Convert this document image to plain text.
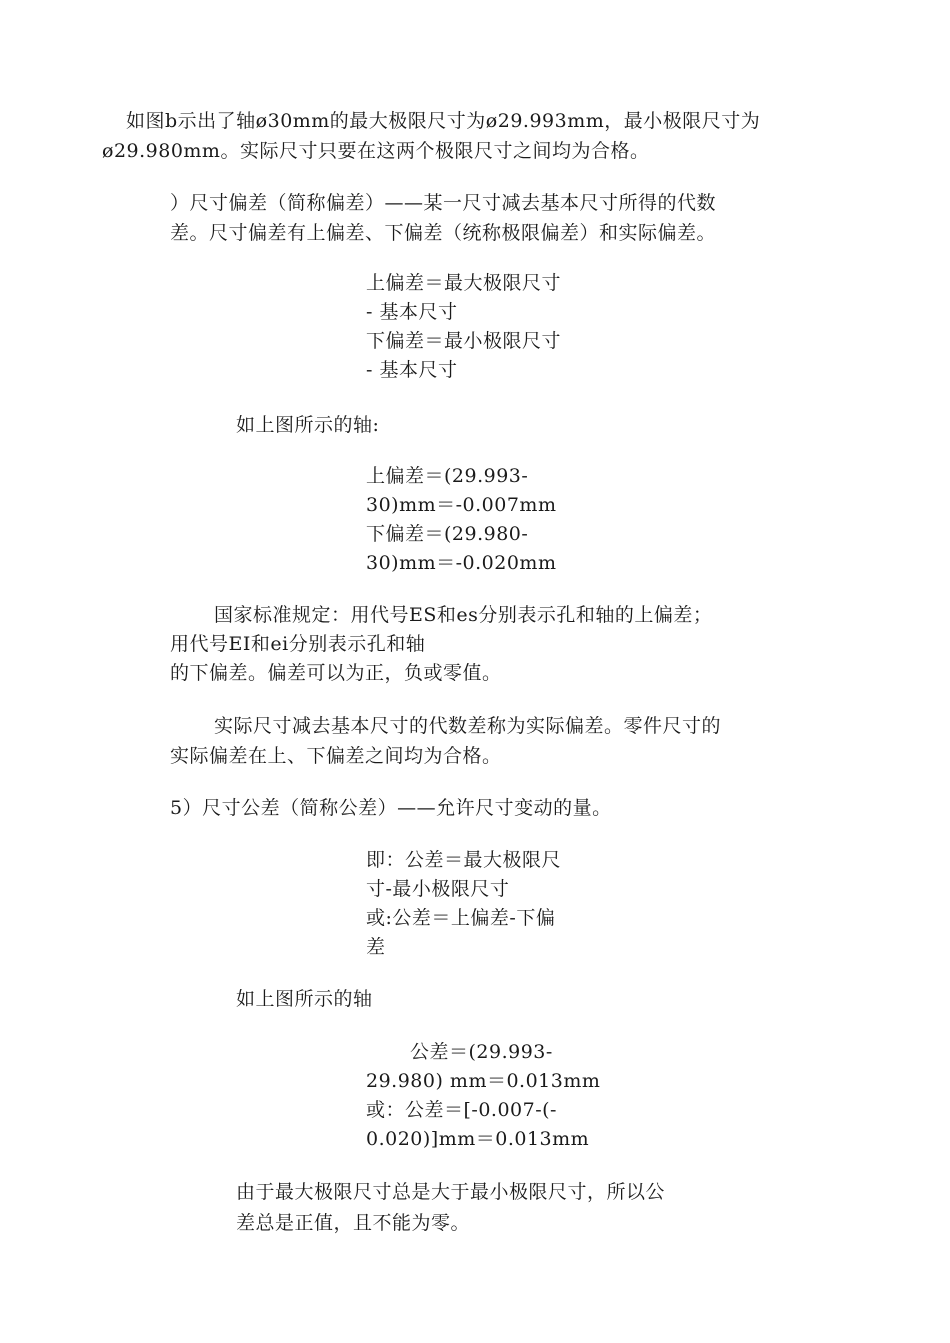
如图b示出了轴ø30mm的最大极限尺寸为ø29.993mm，最小极限尺寸为
ø29.980mm。实际尺寸只要在这两个极限尺寸之间均为合格。
）尺寸偏差（简称偏差）——某一尺寸减去基本尺寸所得的代数
差。尺寸偏差有上偏差、下偏差（统称极限偏差）和实际偏差。
上偏差＝最大极限尺寸
- 基本尺寸
下偏差＝最小极限尺寸
- 基本尺寸
如上图所示的轴:
上偏差＝(29.993-
30)mm＝-0.007mm
下偏差＝(29.980-
30)mm＝-0.020mm
国家标准规定：用代号ES和es分别表示孔和轴的上偏差；
用代号EI和ei分别表示孔和轴
的下偏差。偏差可以为正，负或零值。
实际尺寸减去基本尺寸的代数差称为实际偏差。零件尺寸的
实际偏差在上、下偏差之间均为合格。
5）尺寸公差（简称公差）——允许尺寸变动的量。
即：公差＝最大极限尺
寸-最小极限尺寸
或:公差＝上偏差-下偏
差
如上图所示的轴
公差＝(29.993-
29.980) mm＝0.013mm
或：公差＝[-0.007-(-
0.020)]mm＝0.013mm
由于最大极限尺寸总是大于最小极限尺寸，所以公
差总是正值，且不能为零。
